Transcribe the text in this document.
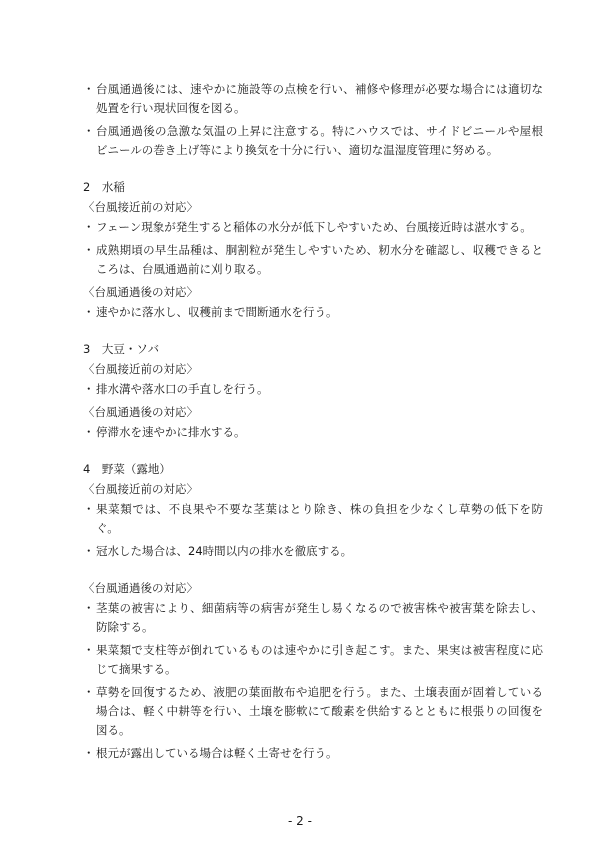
・ 台風通過後には、速やかに施設等の点検を行い、補修や修理が必要な場合には適切な処置を行い現状回復を図る。
・ 台風通過後の急激な気温の上昇に注意する。特にハウスでは、サイドビニールや屋根ビニールの巻き上げ等により換気を十分に行い、適切な温湿度管理に努める。
2　水稲
〈台風接近前の対応〉
・ フェーン現象が発生すると稲体の水分が低下しやすいため、台風接近時は湛水する。
・ 成熟期頃の早生品種は、胴割粒が発生しやすいため、籾水分を確認し、収穫できるところは、台風通過前に刈り取る。
〈台風通過後の対応〉
・ 速やかに落水し、収穫前まで間断通水を行う。
3　大豆・ソバ
〈台風接近前の対応〉
・ 排水溝や落水口の手直しを行う。
〈台風通過後の対応〉
・ 停滞水を速やかに排水する。
4　野菜（露地）
〈台風接近前の対応〉
・ 果菜類では、不良果や不要な茎葉はとり除き、株の負担を少なくし草勢の低下を防ぐ。
・ 冠水した場合は、24時間以内の排水を徹底する。
〈台風通過後の対応〉
・ 茎葉の被害により、細菌病等の病害が発生し易くなるので被害株や被害葉を除去し、防除する。
・ 果菜類で支柱等が倒れているものは速やかに引き起こす。また、果実は被害程度に応じて摘果する。
・ 草勢を回復するため、液肥の葉面散布や追肥を行う。また、土壌表面が固着している場合は、軽く中耕等を行い、土壌を膨軟にて酸素を供給するとともに根張りの回復を図る。
・ 根元が露出している場合は軽く土寄せを行う。
- 2 -
